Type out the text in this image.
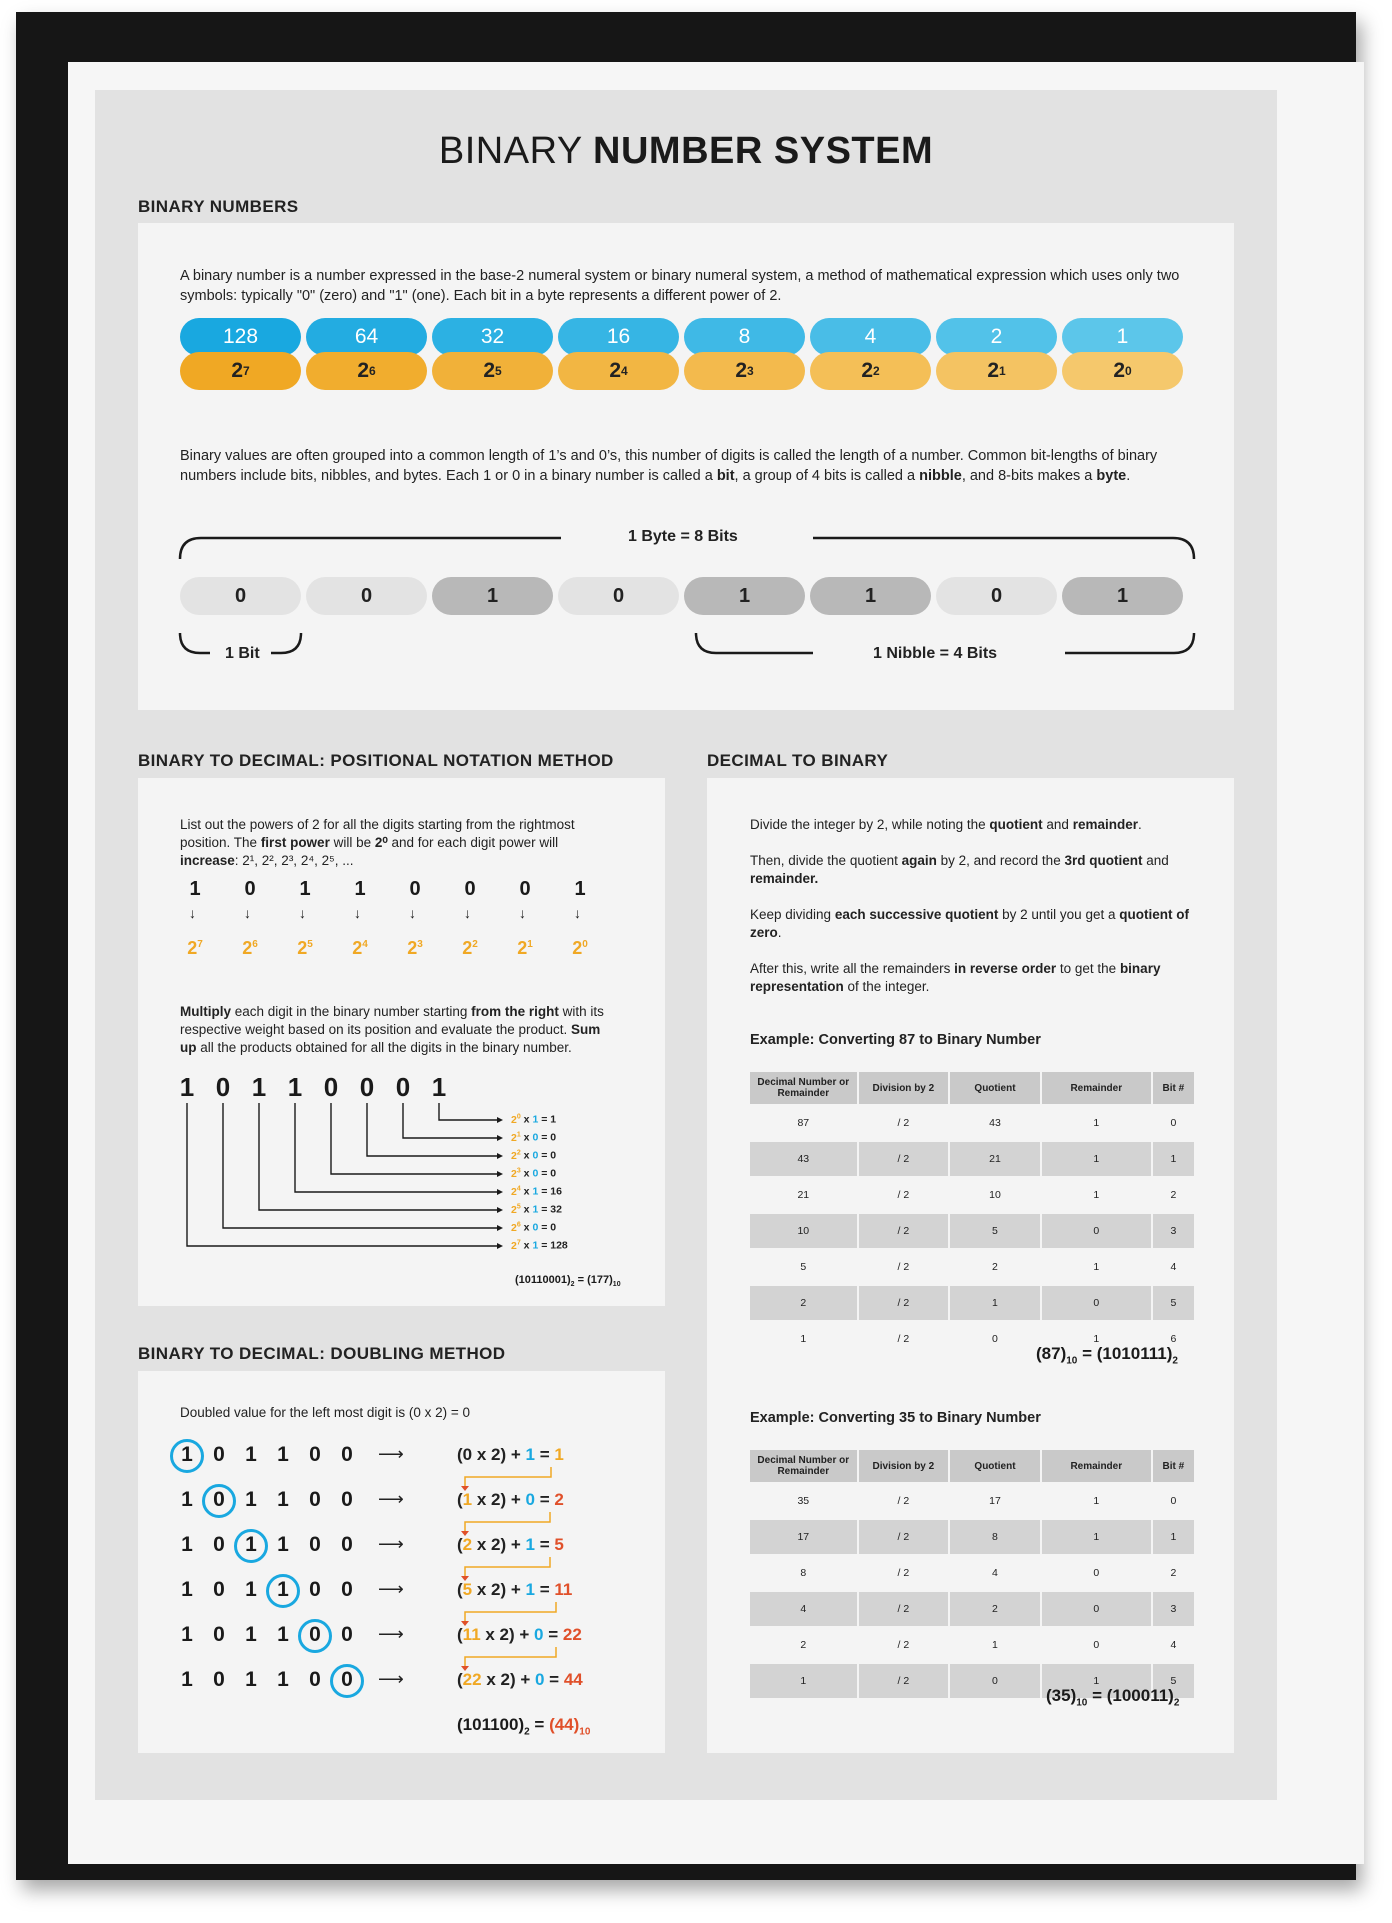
BINARY NUMBER SYSTEM
BINARY NUMBERS
A binary number is a number expressed in the base-2 numeral system or binary numeral system, a method of mathematical expression which uses only two symbols: typically "0" (zero) and "1" (one). Each bit in a byte represents a different power of 2.
128
2 7
64
2 6
32
2 5
16
2 4
8
2 3
4
2 2
2
2 1
1
2 0
Binary values are often grouped into a common length of 1’s and 0’s, this number of digits is called the length of a number. Common bit-lengths of binary numbers include bits, nibbles, and bytes. Each 1 or 0 in a binary number is called a bit, a group of 4 bits is called a nibble, and 8-bits makes a byte.
1 Byte = 8 Bits
0	0	1	0	1	1	0	1
1 Bit	1 Nibble = 4 Bits
BINARY TO DECIMAL: POSITIONAL NOTATION METHOD
List out the powers of 2 for all the digits starting from the rightmost position. The first power will be 2⁰ and for each digit power will increase: 2¹, 2², 2³, 2⁴, 2⁵, ...
1
↓
$2^7$
0
↓
$2^6$
1
↓
$2^5$
1
↓
$2^4$
0
↓
$2^3$
0
↓
$2^2$
0
↓
$2^1$
1
↓
$2^0$
Multiply each digit in the binary number starting from the right with its respective weight based on its position and evaluate the product. Sum up all the products obtained for all the digits in the binary number.
1 0 1 1 0 0 0 1
$2^0$ x 1 = 1
$2^1$ x 0 = 0
$2^2$ x 0 = 0
$2^3$ x 0 = 0
$2^4$ x 1 = 16
$2^5$ x 1 = 32
$2^6$ x 0 = 0
$2^7$ x 1 = 128
$(10110001)_2 = (177)_{10}$
BINARY TO DECIMAL: DOUBLING METHOD
Doubled value for the left most digit is (0 x 2) = 0
1 0 1 1 0 0	⟶	(0 x 2) + 1 = 1
1 0 1 1 0 0	⟶	(1 x 2) + 0 = 2
1 0 1 1 0 0	⟶	(2 x 2) + 1 = 5
1 0 1 1 0 0	⟶	(5 x 2) + 1 = 11
1 0 1 1 0 0	⟶	(11 x 2) + 0 = 22
1 0 1 1 0 0	⟶	(22 x 2) + 0 = 44
$(101100)_2 = (44)_{10}$
DECIMAL TO BINARY
Divide the integer by 2, while noting the quotient and remainder.
Then, divide the quotient again by 2, and record the 3rd quotient and remainder.
Keep dividing each successive quotient by 2 until you get a quotient of zero.
After this, write all the remainders in reverse order to get the binary representation of the integer.
Example: Converting 87 to Binary Number
Decimal Number or Remainder	Division by 2	Quotient	Remainder	Bit #
87	/ 2	43	1	0
43	/ 2	21	1	1
21	/ 2	10	1	2
10	/ 2	5	0	3
5	/ 2	2	1	4
2	/ 2	1	0	5
1	/ 2	0	1	6
$(87)_{10} = (1010111)_2$
Example: Converting 35 to Binary Number
Decimal Number or Remainder	Division by 2	Quotient	Remainder	Bit #
35	/ 2	17	1	0
17	/ 2	8	1	1
8	/ 2	4	0	2
4	/ 2	2	0	3
2	/ 2	1	0	4
1	/ 2	0	1	5
$(35)_{10} = (100011)_2$
